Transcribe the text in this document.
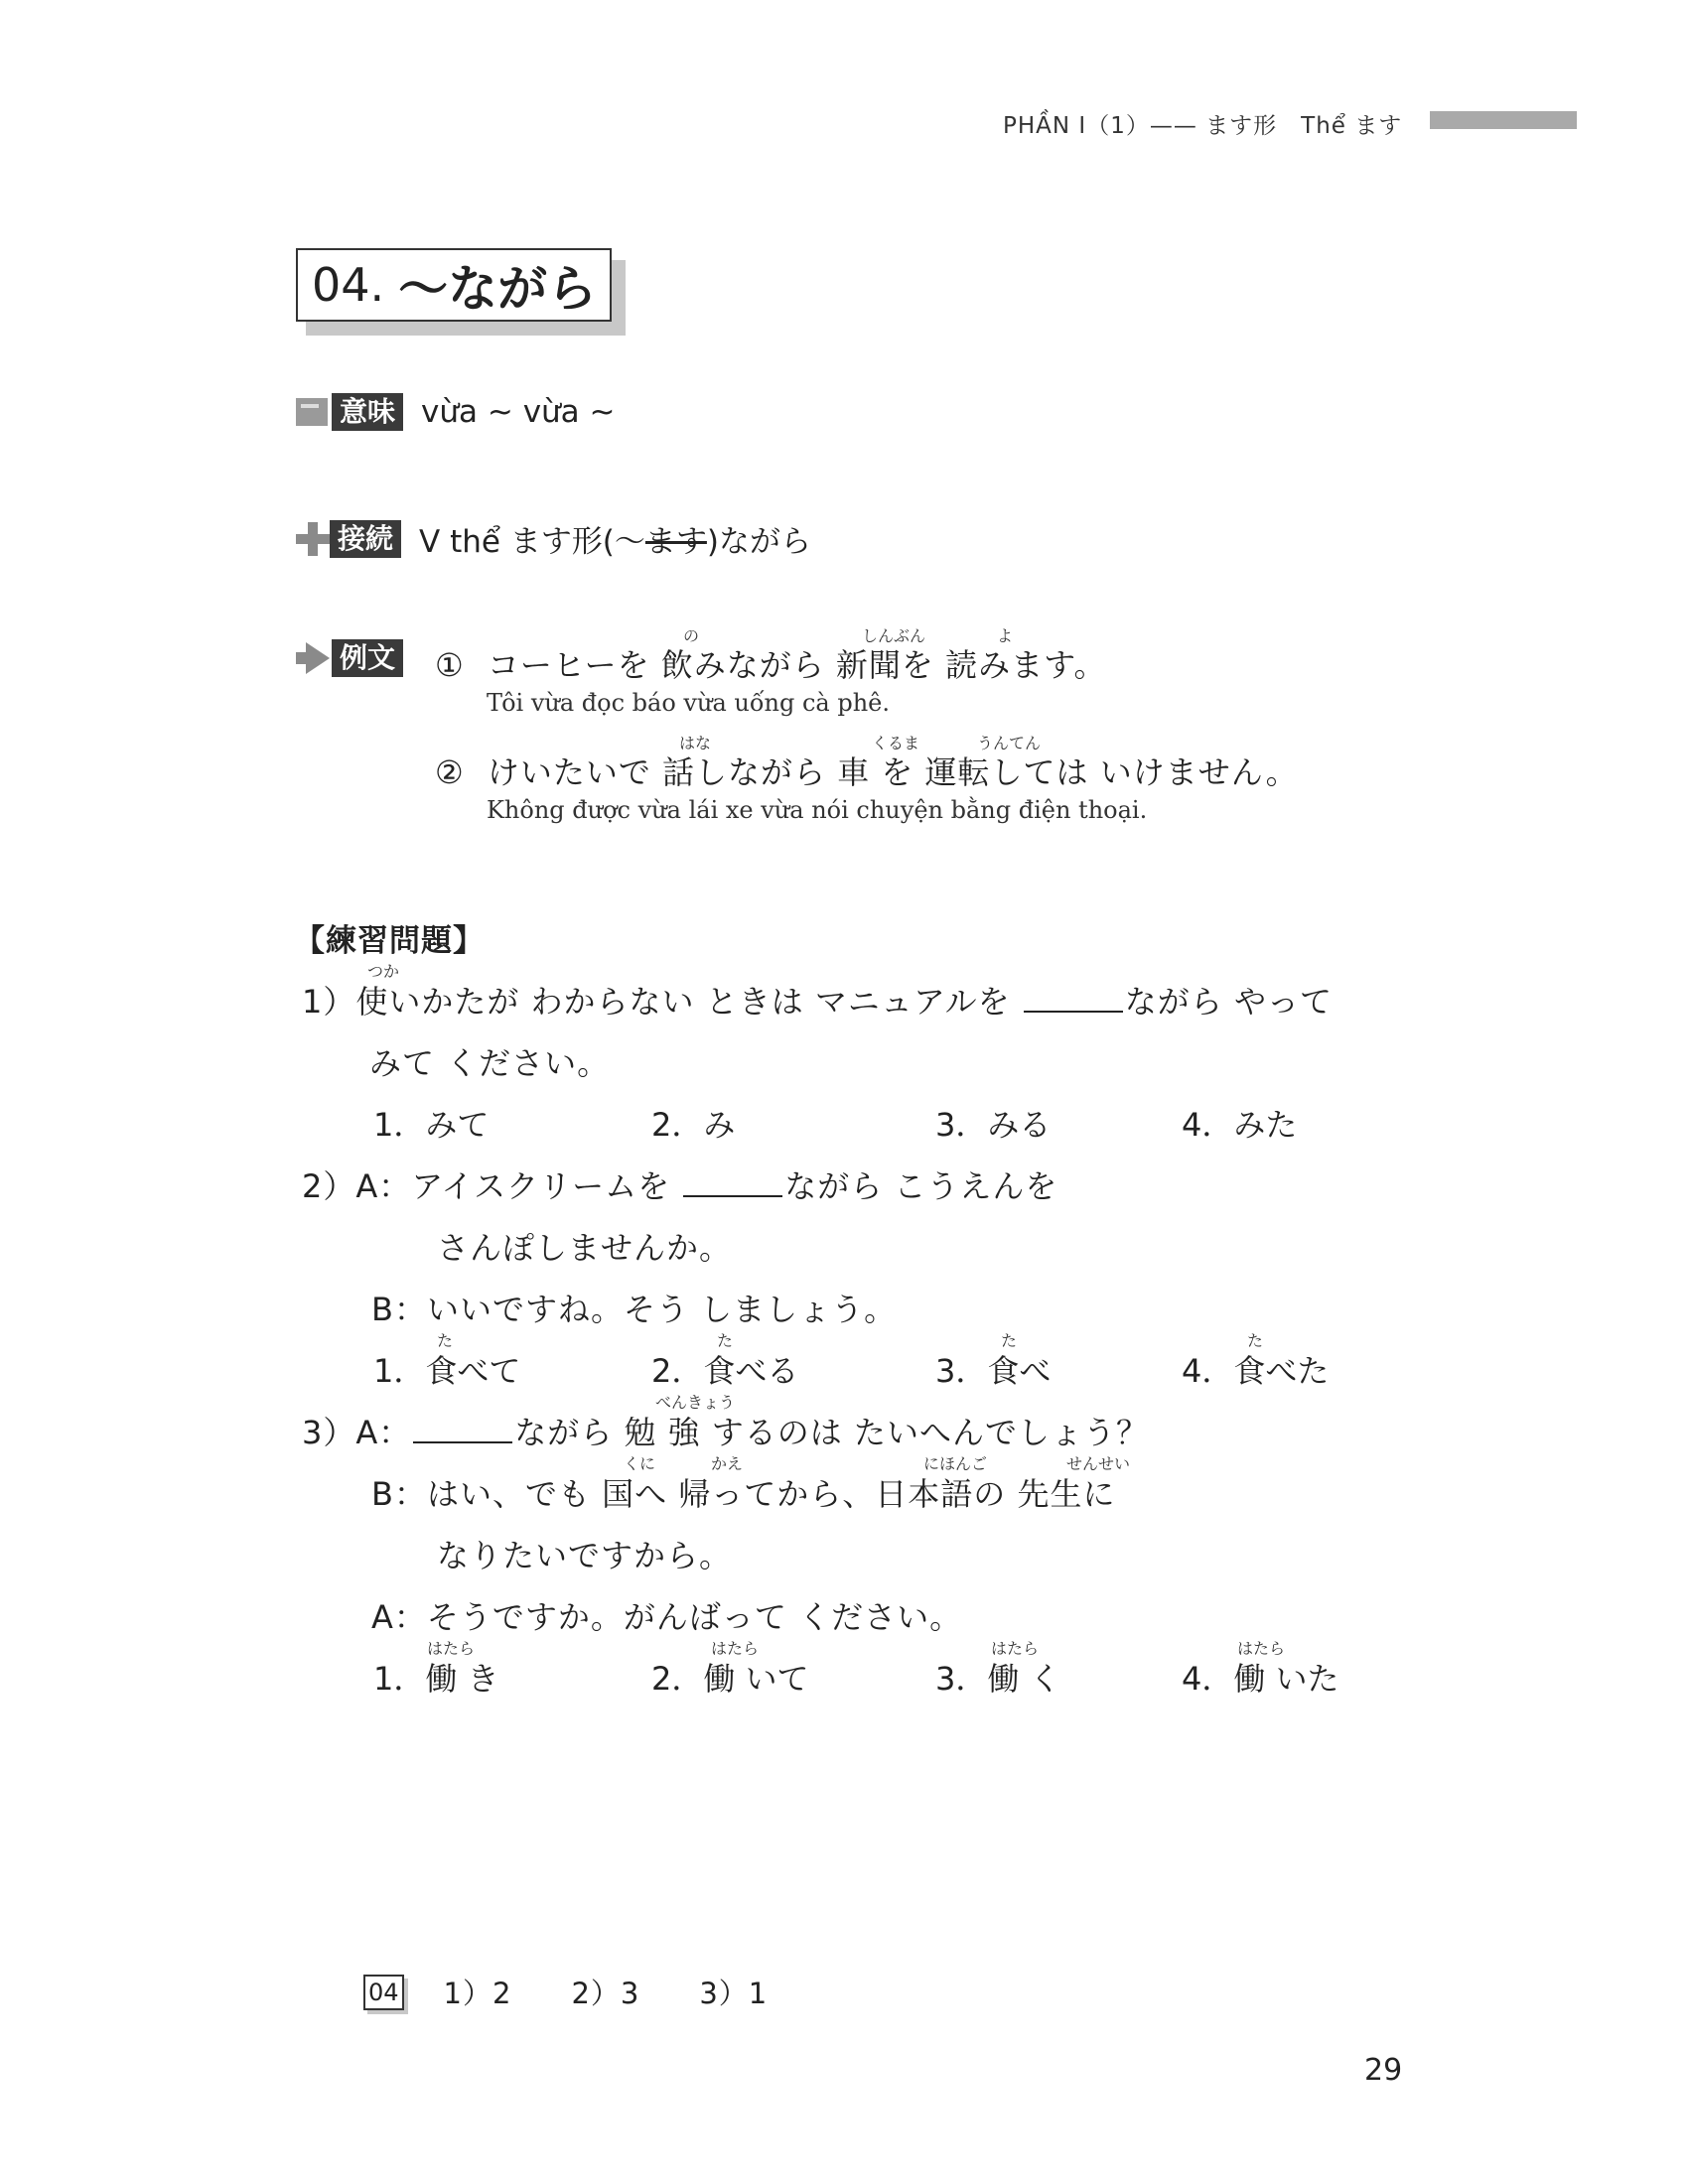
PHẦN Ⅰ（1）—— ます形　Thể ます
04. 〜ながら
意味 vừa ~ vừa ~
接続 V thể ます形(〜ます)ながら
例文
の	しんぶん	よ
① コーヒーを 飲みながら 新聞を 読みます。
Tôi vừa đọc báo vừa uống cà phê.
はな	くるま	うんてん
② けいたいで 話しながら 車 を 運転しては いけません。
Không được vừa lái xe vừa nói chuyện bằng điện thoại.
【練習問題】
つか
1）使いかたが わからない ときは マニュアルを	ながら やって
みて ください。
1．みて	2．み	3．みる	4．みた
2）A：アイスクリームを	ながら こうえんを
さんぽしませんか。
B：いいですね。そう しましょう。
た	た	た	た
1．食べて	2．食べる	3．食べ	4．食べた
べんきょう
3）A：	ながら 勉 強 するのは たいへんでしょう？
くに	かえ	にほんご	せんせい
B：はい、でも 国へ 帰ってから、日本語の 先生に
なりたいですから。
A：そうですか。がんばって ください。
はたら	はたら	はたら	はたら
1．働 き	2．働 いて	3．働 く	4．働 いた
04 1）2 2）3 3）1
29
